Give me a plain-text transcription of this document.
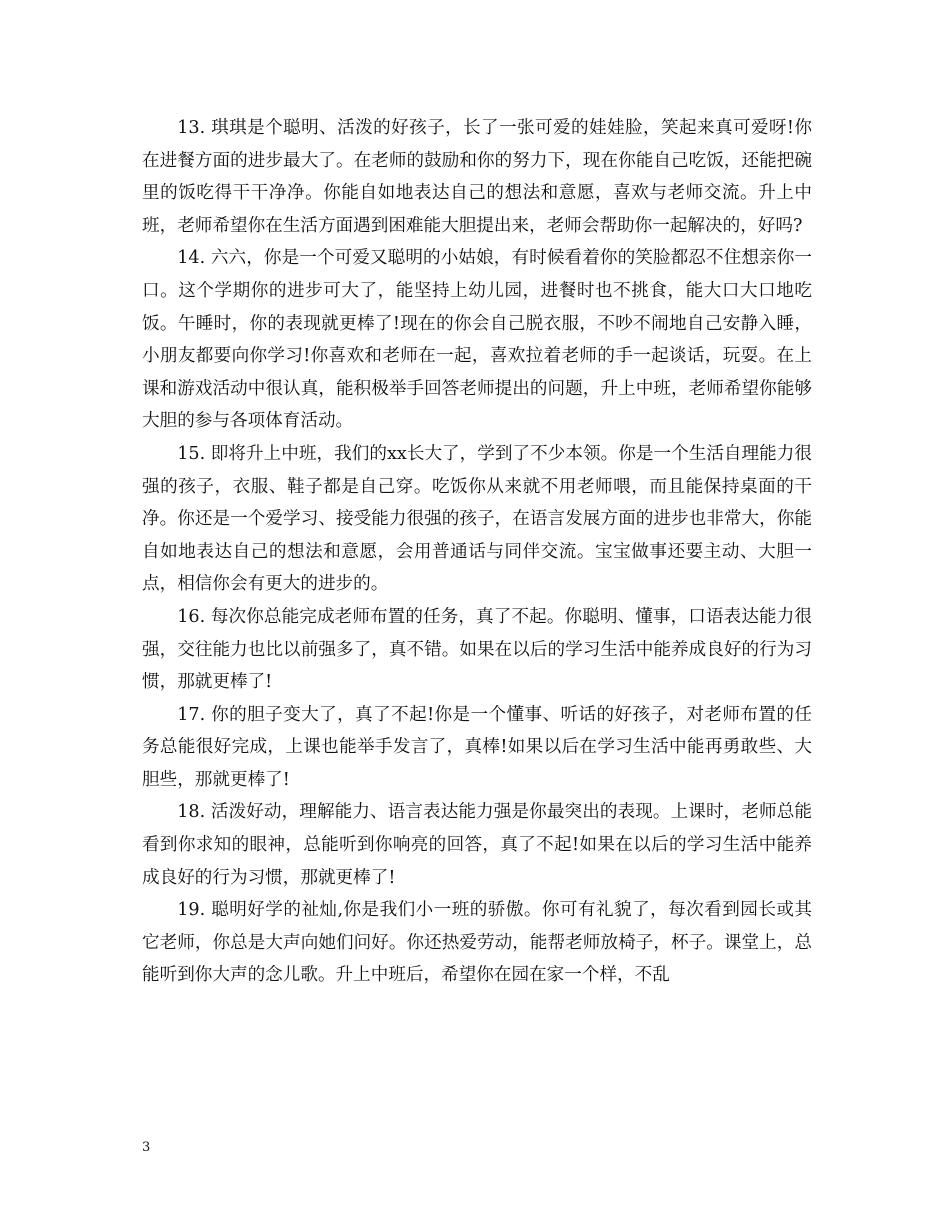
13. 琪琪是个聪明、活泼的好孩子，长了一张可爱的娃娃脸，笑起来真可爱呀!你在进餐方面的进步最大了。在老师的鼓励和你的努力下，现在你能自己吃饭，还能把碗里的饭吃得干干净净。你能自如地表达自己的想法和意愿，喜欢与老师交流。升上中班，老师希望你在生活方面遇到困难能大胆提出来，老师会帮助你一起解决的，好吗?

14. 六六，你是一个可爱又聪明的小姑娘，有时候看着你的笑脸都忍不住想亲你一口。这个学期你的进步可大了，能坚持上幼儿园，进餐时也不挑食，能大口大口地吃饭。午睡时，你的表现就更棒了!现在的你会自己脱衣服，不吵不闹地自己安静入睡，小朋友都要向你学习!你喜欢和老师在一起，喜欢拉着老师的手一起谈话，玩耍。在上课和游戏活动中很认真，能积极举手回答老师提出的问题，升上中班，老师希望你能够大胆的参与各项体育活动。

15. 即将升上中班，我们的xx长大了，学到了不少本领。你是一个生活自理能力很强的孩子，衣服、鞋子都是自己穿。吃饭你从来就不用老师喂，而且能保持桌面的干净。你还是一个爱学习、接受能力很强的孩子，在语言发展方面的进步也非常大，你能自如地表达自己的想法和意愿，会用普通话与同伴交流。宝宝做事还要主动、大胆一点，相信你会有更大的进步的。

16. 每次你总能完成老师布置的任务，真了不起。你聪明、懂事，口语表达能力很强，交往能力也比以前强多了，真不错。如果在以后的学习生活中能养成良好的行为习惯，那就更棒了!

17. 你的胆子变大了，真了不起!你是一个懂事、听话的好孩子，对老师布置的任务总能很好完成，上课也能举手发言了，真棒!如果以后在学习生活中能再勇敢些、大胆些，那就更棒了!

18. 活泼好动，理解能力、语言表达能力强是你最突出的表现。上课时，老师总能看到你求知的眼神，总能听到你响亮的回答，真了不起!如果在以后的学习生活中能养成良好的行为习惯，那就更棒了!

19. 聪明好学的祉灿,你是我们小一班的骄傲。你可有礼貌了，每次看到园长或其它老师，你总是大声向她们问好。你还热爱劳动，能帮老师放椅子，杯子。课堂上，总能听到你大声的念儿歌。升上中班后，希望你在园在家一个样，不乱

3
